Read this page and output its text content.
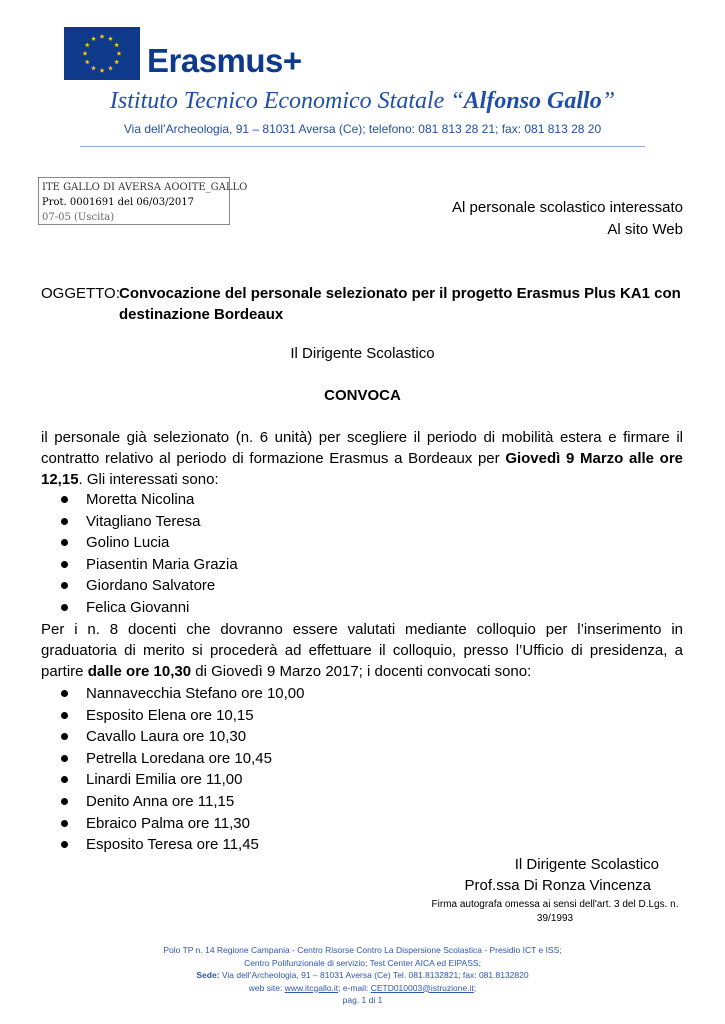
Erasmus+
Istituto Tecnico Economico Statale “Alfonso Gallo”
Via dell’Archeologia, 91 – 81031 Aversa (Ce); telefono: 081 813 28 21; fax: 081 813 28 20
ITE GALLO DI AVERSA AOOITE_GALLO
Prot. 0001691 del 06/03/2017
07-05 (Uscita)
Al personale scolastico interessato
Al sito Web
OGGETTO: Convocazione del personale selezionato per il progetto Erasmus Plus KA1 con destinazione Bordeaux
Il Dirigente Scolastico
CONVOCA
il personale già selezionato (n. 6 unità) per scegliere il periodo di mobilità estera e firmare il contratto relativo al periodo di formazione Erasmus a Bordeaux per Giovedì 9 Marzo alle ore 12,15. Gli interessati sono:
Moretta Nicolina
Vitagliano Teresa
Golino Lucia
Piasentin Maria Grazia
Giordano Salvatore
Felica Giovanni
Per i n. 8 docenti che dovranno essere valutati mediante colloquio per l’inserimento in graduatoria di merito si procederà ad effettuare il colloquio, presso l’Ufficio di presidenza, a partire dalle ore 10,30 di Giovedì 9 Marzo 2017; i docenti convocati sono:
Nannavecchia Stefano ore 10,00
Esposito Elena ore 10,15
Cavallo Laura ore 10,30
Petrella Loredana ore 10,45
Linardi Emilia ore 11,00
Denito Anna ore 11,15
Ebraico Palma ore 11,30
Esposito Teresa ore 11,45
Il Dirigente Scolastico
Prof.ssa Di Ronza Vincenza
Firma autografa omessa ai sensi dell'art. 3 del D.Lgs. n. 39/1993
Polo TP n. 14 Regione Campania - Centro Risorse Contro La Dispersione Scolastica - Presidio ICT e ISS;
Centro Polifunzionale di servizio; Test Center AICA ed EIPASS;
Sede: Via dell’Archeologia, 91 – 81031 Aversa (Ce) Tel. 081.8132821; fax: 081.8132820
web site: www.itcgallo.it; e-mail: CETD010003@istruzione.it;
pag. 1 di 1
